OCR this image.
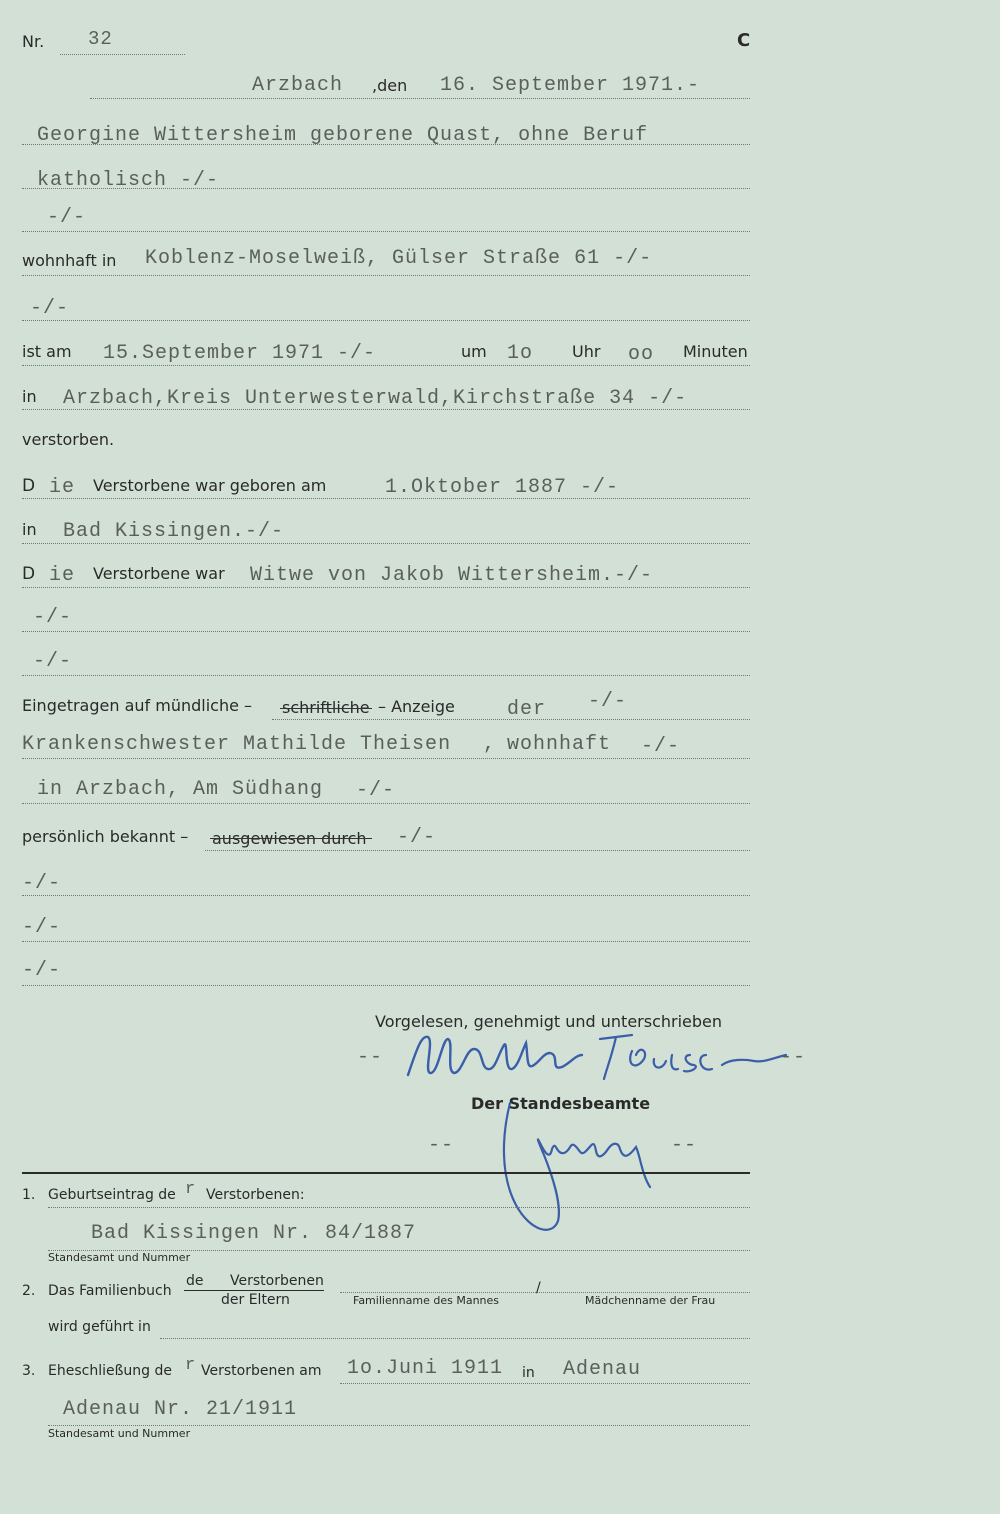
Nr. 32	C
Arzbach ,den 16. September 1971.-
Georgine Wittersheim geborene Quast, ohne Beruf
katholisch -/-
-/-
wohnhaft in Koblenz-Moselweiß, Gülser Straße 61 -/-
-/-
ist am 15.September 1971 -/-	um 1o Uhr oo Minuten
in Arzbach,Kreis Unterwesterwald,Kirchstraße 34 -/-
verstorben.
D ie Verstorbene war geboren am	1.Oktober 1887 -/-
in Bad Kissingen.-/-
D ie Verstorbene war Witwe von Jakob Wittersheim.-/-
-/-
-/-
Eingetragen auf mündliche – schriftliche – Anzeige	der -/-
Krankenschwester Mathilde Theisen , wohnhaft -/-
in Arzbach, Am Südhang -/-
persönlich bekannt – ausgewiesen durch -/-
-/-
-/-
-/-
Vorgelesen, genehmigt und unterschrieben
--	--
Der Standesbeamte
--	--
1. Geburtseintrag de r Verstorbenen:
Bad Kissingen Nr. 84/1887
Standesamt und Nummer
2. Das Familienbuch
de Verstorbenen
der Eltern	Familienname des Mannes
/
Mädchenname der Frau
wird geführt in
3. Eheschließung de r Verstorbenen am 1o.Juni 1911 in Adenau
Adenau Nr. 21/1911
Standesamt und Nummer
